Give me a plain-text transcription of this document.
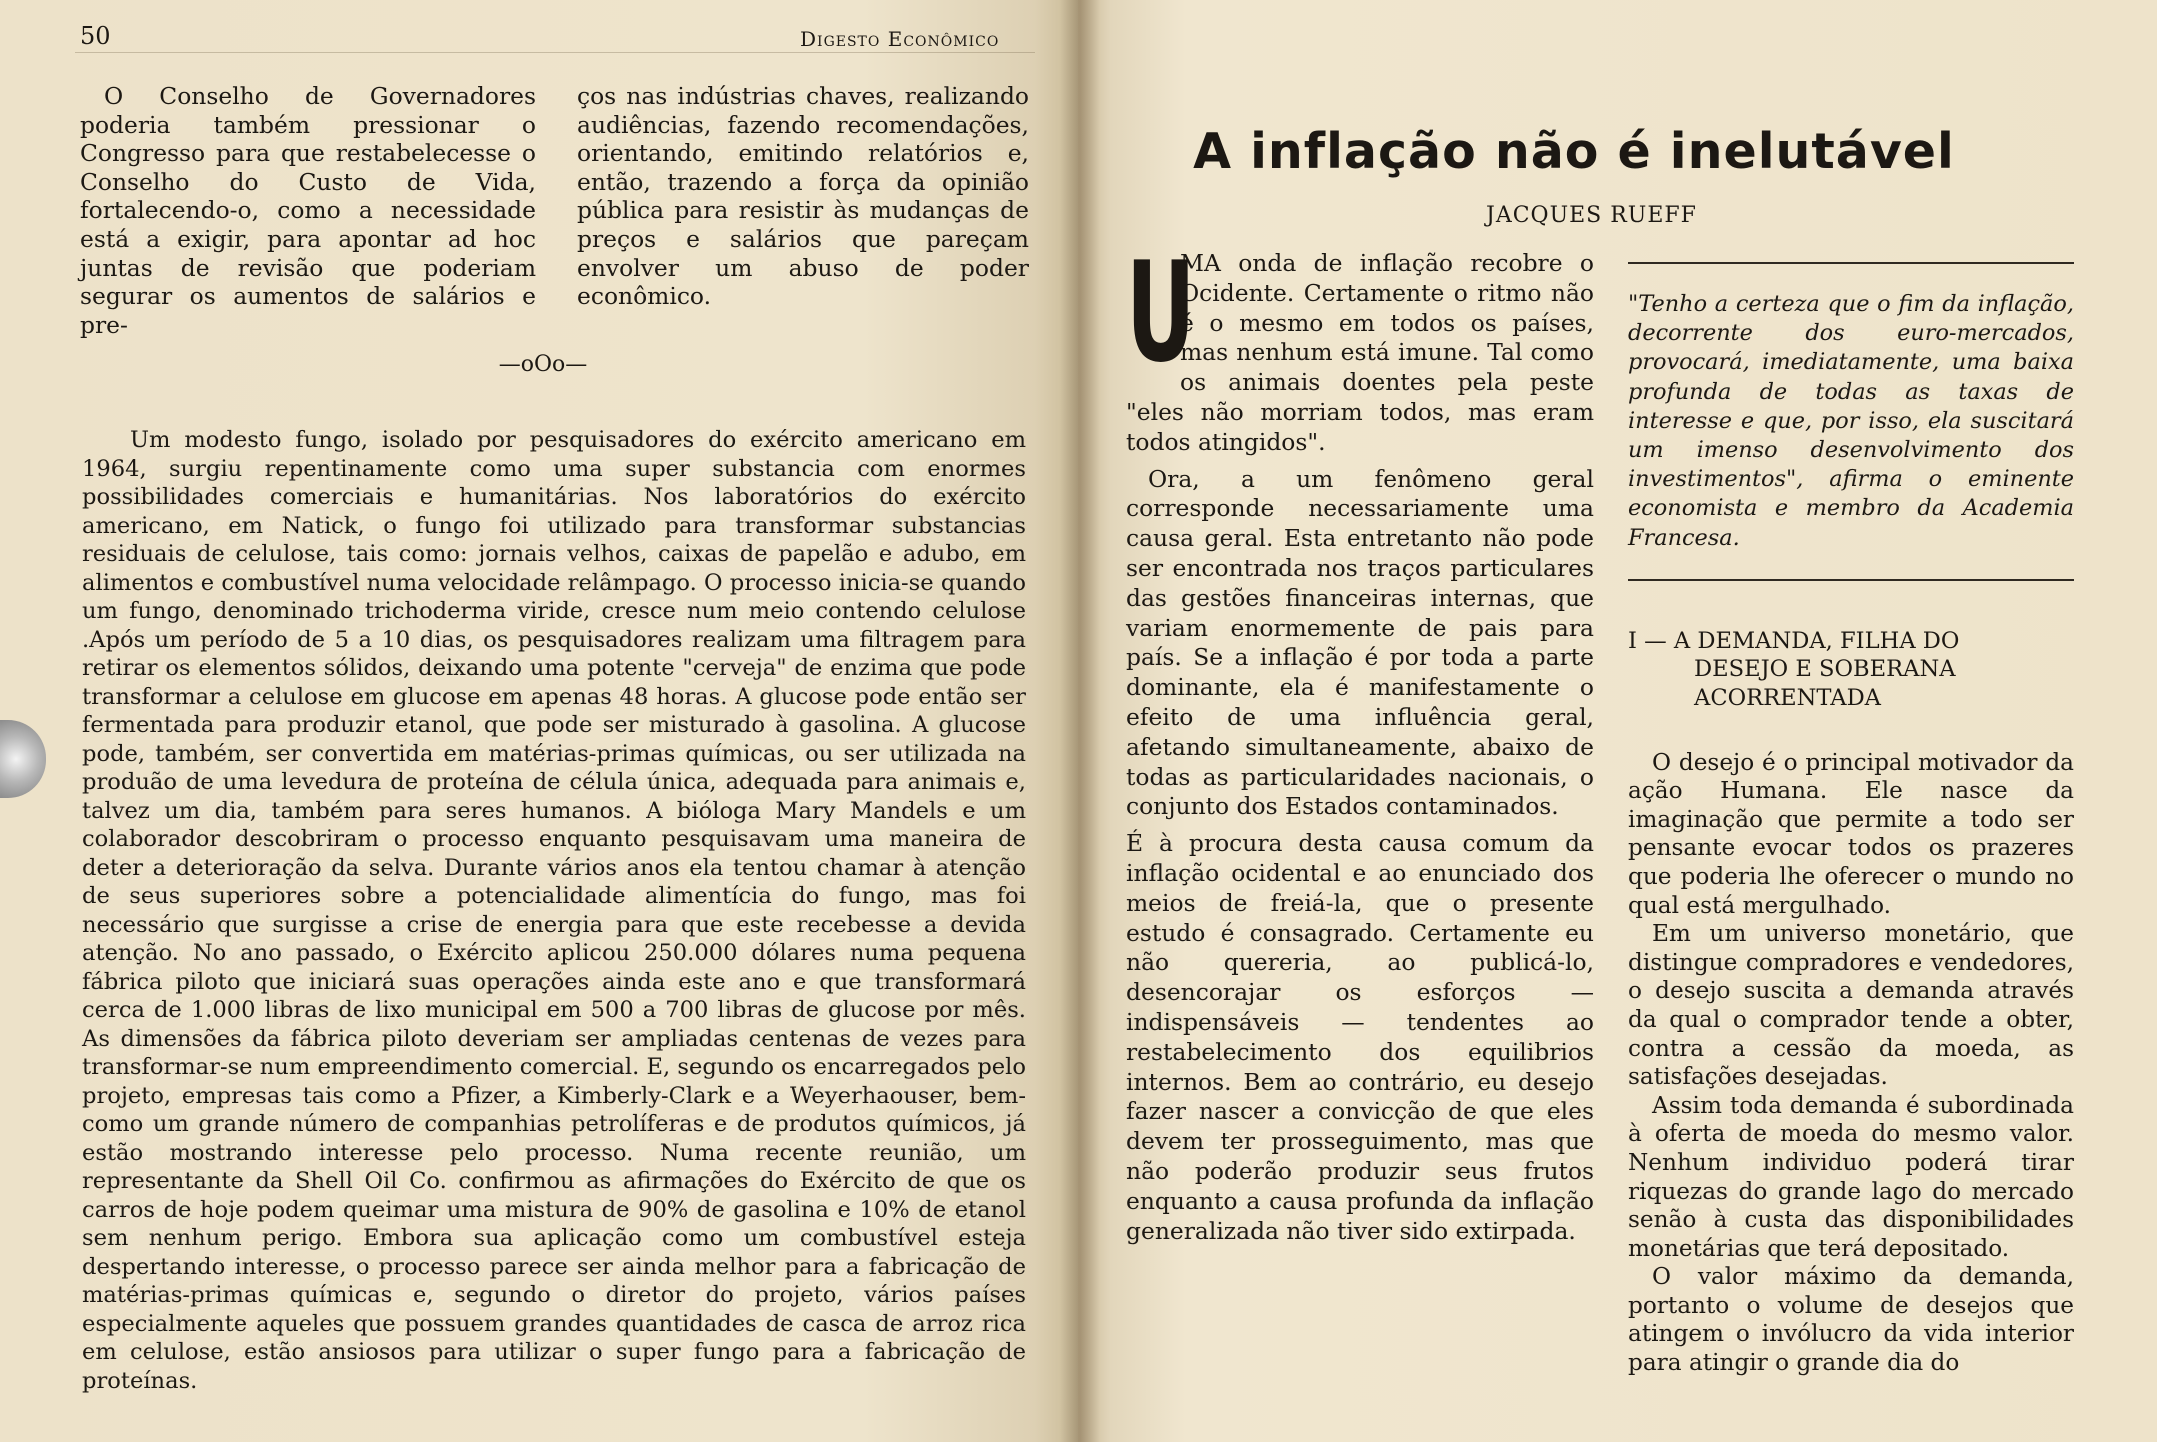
50	Digesto Econômico

O Conselho de Governadores poderia também pressionar o Congresso para que restabelecesse o Conselho do Custo de Vida, fortalecendo-o, como a necessidade está a exigir, para apontar ad hoc juntas de revisão que poderiam segurar os aumentos de salários e pre-

ços nas indústrias chaves, realizando audiências, fazendo recomendações, orientando, emitindo relatórios e, então, trazendo a força da opinião pública para resistir às mudanças de preços e salários que pareçam envolver um abuso de poder econômico.

—oOo—

Um modesto fungo, isolado por pesquisadores do exército americano em 1964, surgiu repentinamente como uma super substancia com enormes possibilidades comerciais e humanitárias. Nos laboratórios do exército americano, em Natick, o fungo foi utilizado para transformar substancias residuais de celulose, tais como: jornais velhos, caixas de papelão e adubo, em alimentos e combustível numa velocidade relâmpago. O processo inicia-se quando um fungo, denominado trichoderma viride, cresce num meio contendo celulose .Após um período de 5 a 10 dias, os pesquisadores realizam uma filtragem para retirar os elementos sólidos, deixando uma potente "cerveja" de enzima que pode transformar a celulose em glucose em apenas 48 horas. A glucose pode então ser fermentada para produzir etanol, que pode ser misturado à gasolina. A glucose pode, também, ser convertida em matérias-primas químicas, ou ser utilizada na produão de uma levedura de proteína de célula única, adequada para animais e, talvez um dia, também para seres humanos. A bióloga Mary Mandels e um colaborador descobriram o processo enquanto pesquisavam uma maneira de deter a deterioração da selva. Durante vários anos ela tentou chamar à atenção de seus superiores sobre a potencialidade alimentícia do fungo, mas foi necessário que surgisse a crise de energia para que este recebesse a devida atenção. No ano passado, o Exército aplicou 250.000 dólares numa pequena fábrica piloto que iniciará suas operações ainda este ano e que transformará cerca de 1.000 libras de lixo municipal em 500 a 700 libras de glucose por mês. As dimensões da fábrica piloto deveriam ser ampliadas centenas de vezes para transformar-se num empreendimento comercial. E, segundo os encarregados pelo projeto, empresas tais como a Pfizer, a Kimberly-Clark e a Weyerhaouser, bem-como um grande número de companhias petrolíferas e de produtos químicos, já estão mostrando interesse pelo processo. Numa recente reunião, um representante da Shell Oil Co. confirmou as afirmações do Exército de que os carros de hoje podem queimar uma mistura de 90% de gasolina e 10% de etanol sem nenhum perigo. Embora sua aplicação como um combustível esteja despertando interesse, o processo parece ser ainda melhor para a fabricação de matérias-primas químicas e, segundo o diretor do projeto, vários países especialmente aqueles que possuem grandes quantidades de casca de arroz rica em celulose, estão ansiosos para utilizar o super fungo para a fabricação de proteínas.

A inflação não é inelutável
JACQUES RUEFF
U

MA onda de inflação recobre o Ocidente. Certamente o ritmo não é o mesmo em todos os países, mas nenhum está imune. Tal como os animais doentes pela peste "eles não morriam todos, mas eram todos atingidos".

Ora, a um fenômeno geral corresponde necessariamente uma causa geral. Esta entretanto não pode ser encontrada nos traços particulares das gestões financeiras internas, que variam enormemente de pais para país. Se a inflação é por toda a parte dominante, ela é manifestamente o efeito de uma influência geral, afetando simultaneamente, abaixo de todas as particularidades nacionais, o conjunto dos Estados contaminados.

É à procura desta causa comum da inflação ocidental e ao enunciado dos meios de freiá-la, que o presente estudo é consagrado. Certamente eu não quereria, ao publicá-lo, desencorajar os esforços — indispensáveis — tendentes ao restabelecimento dos equilibrios internos. Bem ao contrário, eu desejo fazer nascer a convicção de que eles devem ter prosseguimento, mas que não poderão produzir seus frutos enquanto a causa profunda da inflação generalizada não tiver sido extirpada.

"Tenho a certeza que o fim da inflação, decorrente dos euro-mercados, provocará, imediatamente, uma baixa profunda de todas as taxas de interesse e que, por isso, ela suscitará um imenso desenvolvimento dos investimentos", afirma o eminente economista e membro da Academia Francesa.

I — A DEMANDA, FILHA DO
DESEJO E SOBERANA
ACORRENTADA

O desejo é o principal motivador da ação Humana. Ele nasce da imaginação que permite a todo ser pensante evocar todos os prazeres que poderia lhe oferecer o mundo no qual está mergulhado.

Em um universo monetário, que distingue compradores e vendedores, o desejo suscita a demanda através da qual o comprador tende a obter, contra a cessão da moeda, as satisfações desejadas.

Assim toda demanda é subordinada à oferta de moeda do mesmo valor. Nenhum individuo poderá tirar riquezas do grande lago do mercado senão à custa das disponibilidades monetárias que terá depositado.

O valor máximo da demanda, portanto o volume de desejos que atingem o invólucro da vida interior para atingir o grande dia do
